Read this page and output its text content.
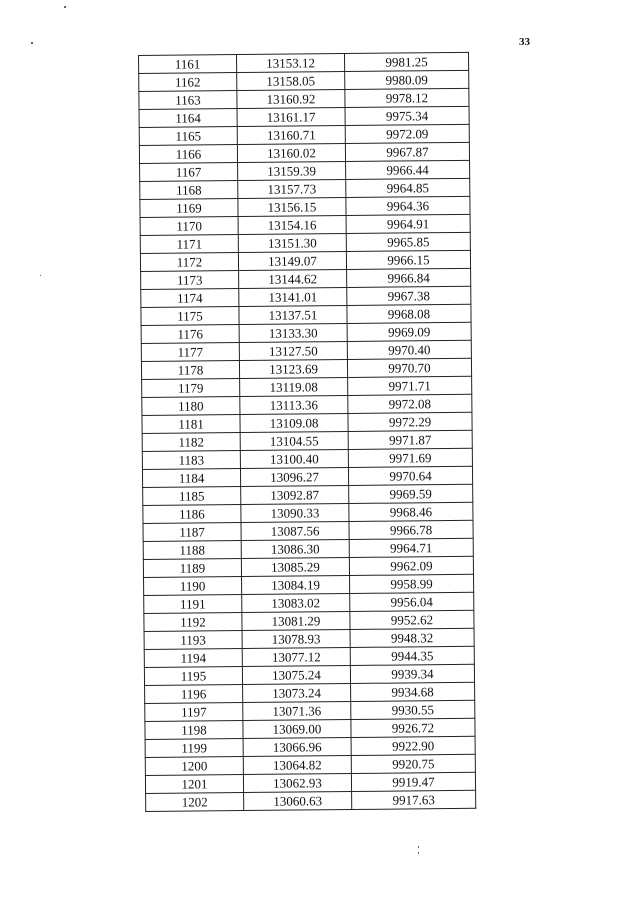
33
1161	13153.12	9981.25
1162	13158.05	9980.09
1163	13160.92	9978.12
1164	13161.17	9975.34
1165	13160.71	9972.09
1166	13160.02	9967.87
1167	13159.39	9966.44
1168	13157.73	9964.85
1169	13156.15	9964.36
1170	13154.16	9964.91
1171	13151.30	9965.85
1172	13149.07	9966.15
1173	13144.62	9966.84
1174	13141.01	9967.38
1175	13137.51	9968.08
1176	13133.30	9969.09
1177	13127.50	9970.40
1178	13123.69	9970.70
1179	13119.08	9971.71
1180	13113.36	9972.08
1181	13109.08	9972.29
1182	13104.55	9971.87
1183	13100.40	9971.69
1184	13096.27	9970.64
1185	13092.87	9969.59
1186	13090.33	9968.46
1187	13087.56	9966.78
1188	13086.30	9964.71
1189	13085.29	9962.09
1190	13084.19	9958.99
1191	13083.02	9956.04
1192	13081.29	9952.62
1193	13078.93	9948.32
1194	13077.12	9944.35
1195	13075.24	9939.34
1196	13073.24	9934.68
1197	13071.36	9930.55
1198	13069.00	9926.72
1199	13066.96	9922.90
1200	13064.82	9920.75
1201	13062.93	9919.47
1202	13060.63	9917.63
